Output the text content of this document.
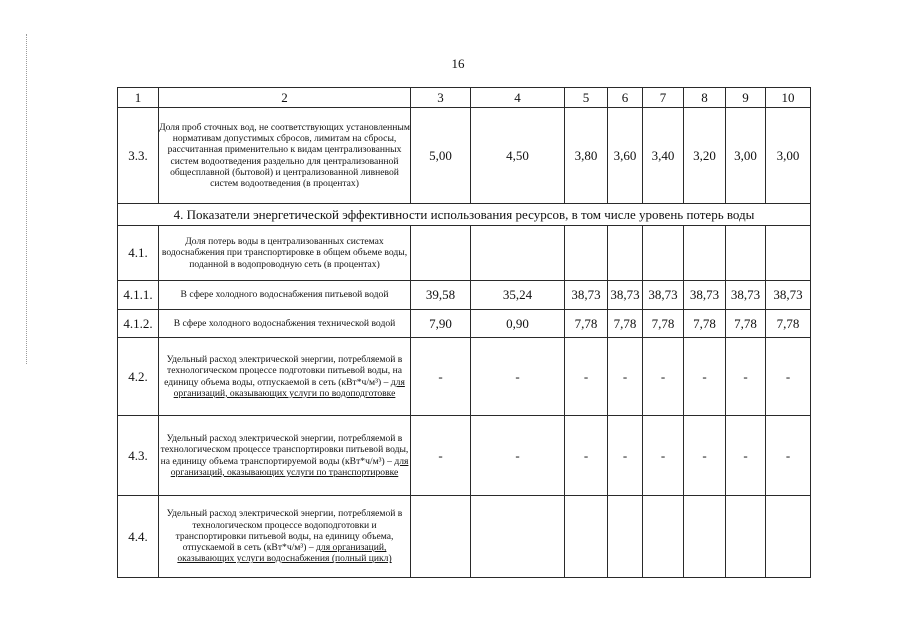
16
1	2	3	4	5	6	7	8	9	10
3.3.	Доля проб сточных вод, не соответствующих установленным нормативам допустимых сбросов, лимитам на сбросы, рассчитанная применительно к видам централизованных систем водоотведения раздельно для централизованной общесплавной (бытовой) и централизованной ливневой систем водоотведения (в процентах)	5,00	4,50	3,80	3,60	3,40	3,20	3,00	3,00
4. Показатели энергетической эффективности использования ресурсов, в том числе уровень потерь воды									
4.1.	Доля потерь воды в централизованных системах водоснабжения при транспортировке в общем объеме воды, поданной в водопроводную сеть (в процентах)								
4.1.1.	В сфере холодного водоснабжения питьевой водой	39,58	35,24	38,73	38,73	38,73	38,73	38,73	38,73
4.1.2.	В сфере холодного водоснабжения технической водой	7,90	0,90	7,78	7,78	7,78	7,78	7,78	7,78
4.2.	Удельный расход электрической энергии, потребляемой в технологическом процессе подготовки питьевой воды, на единицу объема воды, отпускаемой в сеть (кВт*ч/м³) – для организаций, оказывающих услуги по водоподготовке	-	-	-	-	-	-	-	-
4.3.	Удельный расход электрической энергии, потребляемой в технологическом процессе транспортировки питьевой воды, на единицу объема транспортируемой воды (кВт*ч/м³) – для организаций, оказывающих услуги по транспортировке	-	-	-	-	-	-	-	-
4.4.	Удельный расход электрической энергии, потребляемой в технологическом процессе водоподготовки и транспортировки питьевой воды, на единицу объема, отпускаемой в сеть (кВт*ч/м³) – для организаций, оказывающих услуги водоснабжения (полный цикл)								
